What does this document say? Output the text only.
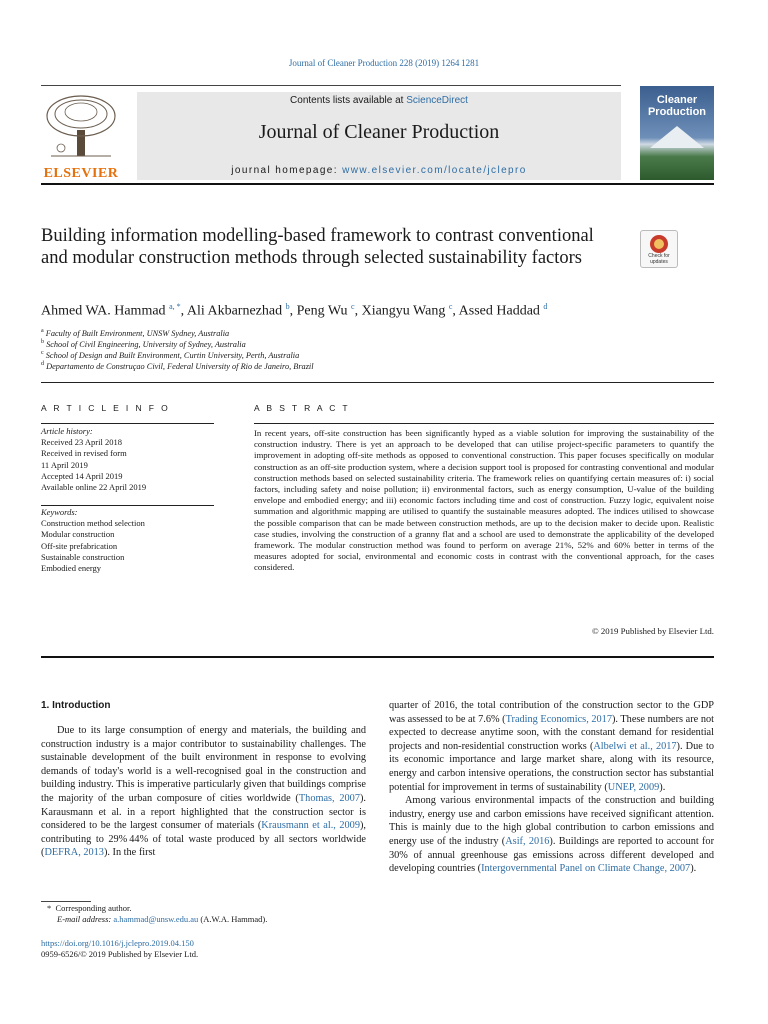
Journal of Cleaner Production 228 (2019) 1264 1281
ELSEVIER
Contents lists available at ScienceDirect
Journal of Cleaner Production
journal homepage: www.elsevier.com/locate/jclepro
Cleaner
Production
Building information modelling-based framework to contrast conventional and modular construction methods through selected sustainability factors	Check for
updates
Ahmed WA. Hammad $^{a, *}$, Ali Akbarnezhad $^b$, Peng Wu $^c$, Xiangyu Wang $^c$, Assed Haddad $^d$
$^a$ Faculty of Built Environment, UNSW Sydney, Australia
$^b$ School of Civil Engineering, University of Sydney, Australia
$^c$ School of Design and Built Environment, Curtin University, Perth, Australia
$^d$ Departamento de Construçao Civil, Federal University of Rio de Janeiro, Brazil
A R T I C L E I N F O	A B S T R A C T
Article history:
Received 23 April 2018
Received in revised form
11 April 2019
Accepted 14 April 2019
Available online 22 April 2019
Keywords:
Construction method selection
Modular construction
Off-site prefabrication
Sustainable construction
Embodied energy
In recent years, off-site construction has been significantly hyped as a viable solution for improving the sustainability of the construction industry. There is yet an approach to be developed that can utilise project-specific parameters to quantify the improvement in adopting off-site methods as opposed to conventional construction. This paper focuses specifically on modular construction as an off-site production system, where a decision support tool is proposed for contrasting conventional and modular construction methods based on selected sustainability criteria. The framework relies on quantifying certain measures of: i) social factors, including safety and noise pollution; ii) environmental factors, such as energy consumption, U-value of the building envelope and embodied energy; and iii) economic factors including time and cost of construction. Fuzzy logic, equivalent noise summation and algorithmic mapping are utilised to quantify the sustainable measures adopted. The indices utilised to showcase the possible comparison that can be made between construction methods, are up to the decision maker to decide upon. Realistic case studies, involving the construction of a granny flat and a school are used to demonstrate the applicability of the developed framework. The modular construction method was found to perform on average 21%, 52% and 60% better in terms of the measures adopted for social, environmental and economic costs in contrast with the conventional approach, for the cases considered.
© 2019 Published by Elsevier Ltd.
1. Introduction

Due to its large consumption of energy and materials, the building and construction industry is a major contributor to sustainability challenges. The sustainable development of the built environment in response to evolving demands of today's world is a well-recognised goal in the construction and building industry. This is imperative particularly given that buildings comprise the majority of the urban composure of cities worldwide (Thomas, 2007). Karausmann et al. in a report highlighted that the construction sector is considered to be the largest consumer of materials (Krausmann et al., 2009), contributing to 29% 44% of total waste produced by all sectors worldwide (DEFRA, 2013). In the first

quarter of 2016, the total contribution of the construction sector to the GDP was assessed to be at 7.6% (Trading Economics, 2017). These numbers are not expected to decrease anytime soon, with the constant demand for residential projects and non-residential construction works (Albelwi et al., 2017). Due to its economic importance and large market share, along with its resource, energy and carbon intensive operations, the construction sector has substantial potential for improvement in terms of sustainability (UNEP, 2009).

Among various environmental impacts of the construction and building industry, energy use and carbon emissions have received significant attention. This is mainly due to the high global contribution to carbon emissions and energy use of the industry (Asif, 2016). Buildings are reported to account for 30% of annual greenhouse gas emissions across different developed and developing countries (Intergovernmental Panel on Climate Change, 2007).

* Corresponding author.
E-mail address: a.hammad@unsw.edu.au (A.W.A. Hammad).
https://doi.org/10.1016/j.jclepro.2019.04.150
0959-6526/© 2019 Published by Elsevier Ltd.
